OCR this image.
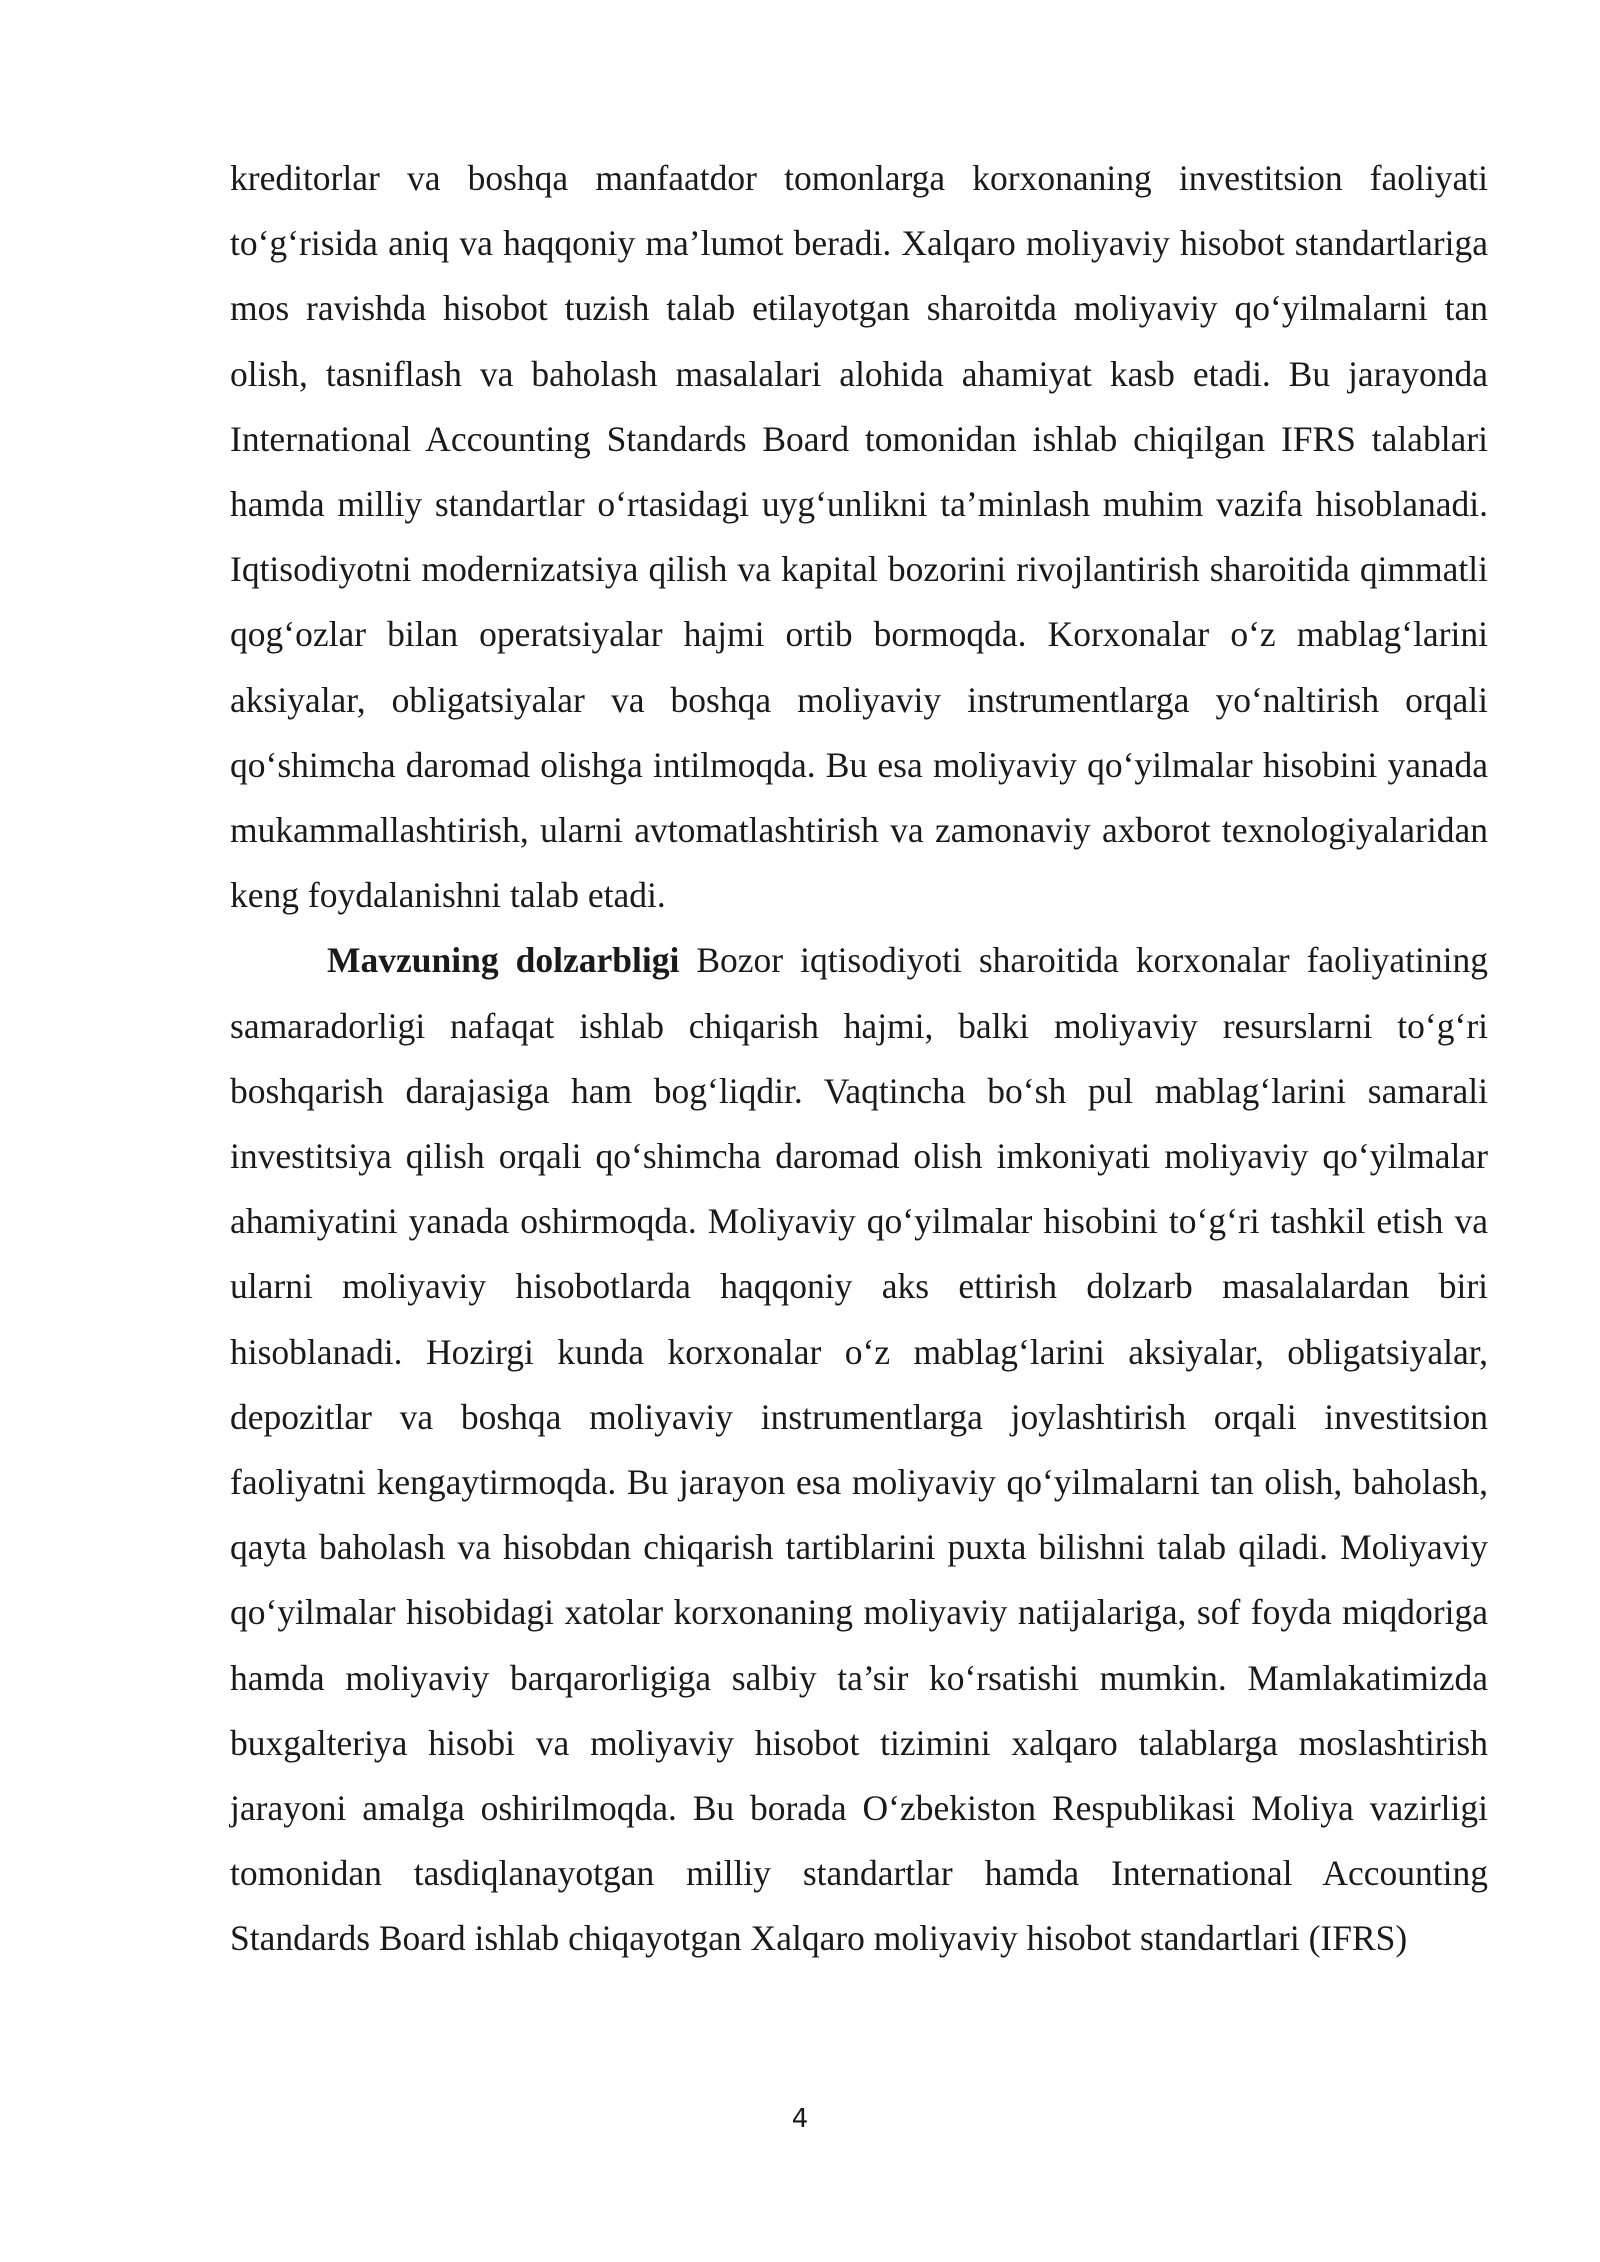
kreditorlar va boshqa manfaatdor tomonlarga korxonaning investitsion faoliyati to‘g‘risida aniq va haqqoniy ma’lumot beradi. Xalqaro moliyaviy hisobot standartlariga mos ravishda hisobot tuzish talab etilayotgan sharoitda moliyaviy qo‘yilmalarni tan olish, tasniflash va baholash masalalari alohida ahamiyat kasb etadi. Bu jarayonda International Accounting Standards Board tomonidan ishlab chiqilgan IFRS talablari hamda milliy standartlar o‘rtasidagi uyg‘unlikni ta’minlash muhim vazifa hisoblanadi. Iqtisodiyotni modernizatsiya qilish va kapital bozorini rivojlantirish sharoitida qimmatli qog‘ozlar bilan operatsiyalar hajmi ortib bormoqda. Korxonalar o‘z mablag‘larini aksiyalar, obligatsiyalar va boshqa moliyaviy instrumentlarga yo‘naltirish orqali qo‘shimcha daromad olishga intilmoqda. Bu esa moliyaviy qo‘yilmalar hisobini yanada mukammallashtirish, ularni avtomatlashtirish va zamonaviy axborot texnologiyalaridan keng foydalanishni talab etadi.

Mavzuning dolzarbligi Bozor iqtisodiyoti sharoitida korxonalar faoliyatining samaradorligi nafaqat ishlab chiqarish hajmi, balki moliyaviy resurslarni to‘g‘ri boshqarish darajasiga ham bog‘liqdir. Vaqtincha bo‘sh pul mablag‘larini samarali investitsiya qilish orqali qo‘shimcha daromad olish imkoniyati moliyaviy qo‘yilmalar ahamiyatini yanada oshirmoqda. Moliyaviy qo‘yilmalar hisobini to‘g‘ri tashkil etish va ularni moliyaviy hisobotlarda haqqoniy aks ettirish dolzarb masalalardan biri hisoblanadi. Hozirgi kunda korxonalar o‘z mablag‘larini aksiyalar, obligatsiyalar, depozitlar va boshqa moliyaviy instrumentlarga joylashtirish orqali investitsion faoliyatni kengaytirmoqda. Bu jarayon esa moliyaviy qo‘yilmalarni tan olish, baholash, qayta baholash va hisobdan chiqarish tartiblarini puxta bilishni talab qiladi. Moliyaviy qo‘yilmalar hisobidagi xatolar korxonaning moliyaviy natijalariga, sof foyda miqdoriga hamda moliyaviy barqarorligiga salbiy ta’sir ko‘rsatishi mumkin. Mamlakatimizda buxgalteriya hisobi va moliyaviy hisobot tizimini xalqaro talablarga moslashtirish jarayoni amalga oshirilmoqda. Bu borada O‘zbekiston Respublikasi Moliya vazirligi tomonidan tasdiqlanayotgan milliy standartlar hamda International Accounting Standards Board ishlab chiqayotgan Xalqaro moliyaviy hisobot standartlari (IFRS)

4
